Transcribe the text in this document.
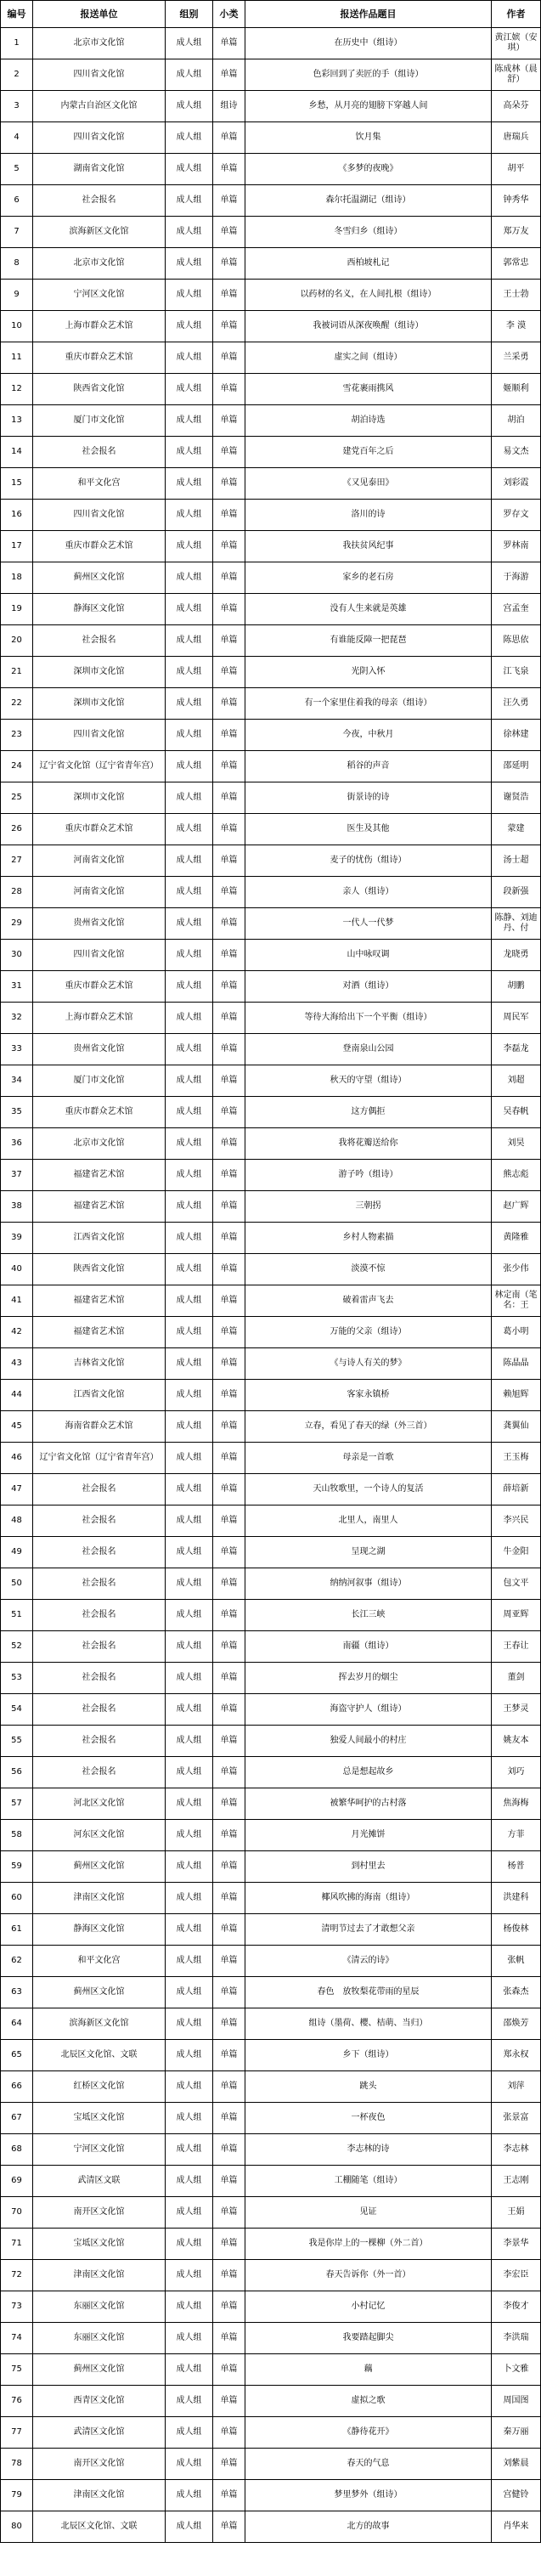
编号	报送单位	组别	小类	报送作品题目	作者
1	北京市文化馆	成人组	单篇	在历史中（组诗）	黄江嫔（安琪）
2	四川省文化馆	成人组	单篇	色彩回到了卖匠的手（组诗）	陈成林（晨舒）
3	内蒙古自治区文化馆	成人组	组诗	乡愁，从月亮的翅膀下穿越人间	高朵芬
4	四川省文化馆	成人组	单篇	饮月集	唐瑞兵
5	湖南省文化馆	成人组	单篇	《多梦的夜晚》	胡平
6	社会报名	成人组	单篇	森尔托温湖记（组诗）	钟秀华
7	滨海新区文化馆	成人组	单篇	冬雪归乡（组诗）	郑万友
8	北京市文化馆	成人组	单篇	西柏坡札记	郭常忠
9	宁河区文化馆	成人组	单篇	以药材的名义，在人间扎根（组诗）	王士勃
10	上海市群众艺术馆	成人组	单篇	我被词语从深夜唤醒（组诗）	李 漠
11	重庆市群众艺术馆	成人组	单篇	虚实之间（组诗）	兰采勇
12	陕西省文化馆	成人组	单篇	雪花裹雨携风	姬顺利
13	厦门市文化馆	成人组	单篇	胡泊诗选	胡泊
14	社会报名	成人组	单篇	建党百年之后	易文杰
15	和平文化宫	成人组	单篇	《又见泰田》	刘彩霞
16	四川省文化馆	成人组	单篇	洛川的诗	罗存文
17	重庆市群众艺术馆	成人组	单篇	我扶贫风纪事	罗林南
18	蓟州区文化馆	成人组	单篇	家乡的老石房	于海游
19	静海区文化馆	成人组	单篇	没有人生来就是英雄	宫孟奎
20	社会报名	成人组	单篇	有谁能反障一把琵琶	陈思依
21	深圳市文化馆	成人组	单篇	光阴入怀	江飞泉
22	深圳市文化馆	成人组	单篇	有一个家里住着我的母亲（组诗）	汪久勇
23	四川省文化馆	成人组	单篇	今夜，中秋月	徐林建
24	辽宁省文化馆（辽宁省青年宫）	成人组	单篇	稻谷的声音	邵延明
25	深圳市文化馆	成人组	单篇	街景诗的诗	谢贤浩
26	重庆市群众艺术馆	成人组	单篇	医生及其他	蒙建
27	河南省文化馆	成人组	单篇	麦子的忧伤（组诗）	汤士超
28	河南省文化馆	成人组	单篇	亲人（组诗）	段新强
29	贵州省文化馆	成人组	单篇	一代人一代梦	陈静、刘迪丹、付
30	四川省文化馆	成人组	单篇	山中咏叹调	龙晓勇
31	重庆市群众艺术馆	成人组	单篇	对酒（组诗）	胡鹏
32	上海市群众艺术馆	成人组	单篇	等待大海给出下一个平衡（组诗）	周民军
33	贵州省文化馆	成人组	单篇	登南泉山公园	李磊龙
34	厦门市文化馆	成人组	单篇	秋天的守望（组诗）	刘超
35	重庆市群众艺术馆	成人组	单篇	这方偶拒	吴春帆
36	北京市文化馆	成人组	单篇	我将花瓣送给你	刘昊
37	福建省艺术馆	成人组	单篇	游子吟（组诗）	熊志彪
38	福建省艺术馆	成人组	单篇	三朝拐	赵广辉
39	江西省文化馆	成人组	单篇	乡村人物素描	黄隆雅
40	陕西省文化馆	成人组	单篇	淡漠不惊	张少伟
41	福建省艺术馆	成人组	单篇	破着雷声飞去	林定南（笔名：王
42	福建省艺术馆	成人组	单篇	万能的父亲（组诗）	葛小明
43	吉林省文化馆	成人组	单篇	《与诗人有关的梦》	陈晶晶
44	江西省文化馆	成人组	单篇	客家永镇桥	赖旭辉
45	海南省群众艺术馆	成人组	单篇	立春，看见了春天的绿（外三首）	龚翼仙
46	辽宁省文化馆（辽宁省青年宫）	成人组	单篇	母亲是一首歌	王玉梅
47	社会报名	成人组	单篇	天山牧歌里，一个诗人的复活	薛培新
48	社会报名	成人组	单篇	北里人，南里人	李兴民
49	社会报名	成人组	单篇	呈现之湖	牛金阳
50	社会报名	成人组	单篇	纳纳河叙事（组诗）	包文平
51	社会报名	成人组	单篇	长江三峡	周亚辉
52	社会报名	成人组	单篇	南疆（组诗）	王春让
53	社会报名	成人组	单篇	挥去岁月的烟尘	董剑
54	社会报名	成人组	单篇	海盗守护人（组诗）	王梦灵
55	社会报名	成人组	单篇	独爱人间最小的村庄	姚友本
56	社会报名	成人组	单篇	总是想起故乡	刘巧
57	河北区文化馆	成人组	单篇	被繁华呵护的古村落	焦海梅
58	河东区文化馆	成人组	单篇	月光摊饼	方菲
59	蓟州区文化馆	成人组	单篇	到村里去	杨普
60	津南区文化馆	成人组	单篇	椰风吹拂的海南（组诗）	洪建科
61	静海区文化馆	成人组	单篇	清明节过去了才敢想父亲	杨俊林
62	和平文化宫	成人组	单篇	《清云的诗》	张帆
63	蓟州区文化馆	成人组	单篇	春色　放牧梨花带雨的星辰	张森杰
64	滨海新区文化馆	成人组	单篇	组诗（墨荷、樱、桔萌、当归）	邵焕芳
65	北辰区文化馆、文联	成人组	单篇	乡下（组诗）	郑永权
66	红桥区文化馆	成人组	单篇	跳头	刘萍
67	宝坻区文化馆	成人组	单篇	一杯夜色	张景富
68	宁河区文化馆	成人组	单篇	李志林的诗	李志林
69	武清区文联	成人组	单篇	工棚随笔（组诗）	王志刚
70	南开区文化馆	成人组	单篇	见证	王娟
71	宝坻区文化馆	成人组	单篇	我是你岸上的一棵柳（外二首）	李景华
72	津南区文化馆	成人组	单篇	春天告诉你（外一首）	李宏臣
73	东丽区文化馆	成人组	单篇	小村记忆	李俊才
74	东丽区文化馆	成人组	单篇	我要踏起脚尖	李洪瑞
75	蓟州区文化馆	成人组	单篇	藕	卜文雅
76	西青区文化馆	成人组	单篇	虚拟之歌	周国图
77	武清区文化馆	成人组	单篇	《静待花开》	秦万丽
78	南开区文化馆	成人组	单篇	春天的气息	刘紫晨
79	津南区文化馆	成人组	单篇	梦里梦外（组诗）	宫健铃
80	北辰区文化馆、文联	成人组	单篇	北方的故事	肖华来
